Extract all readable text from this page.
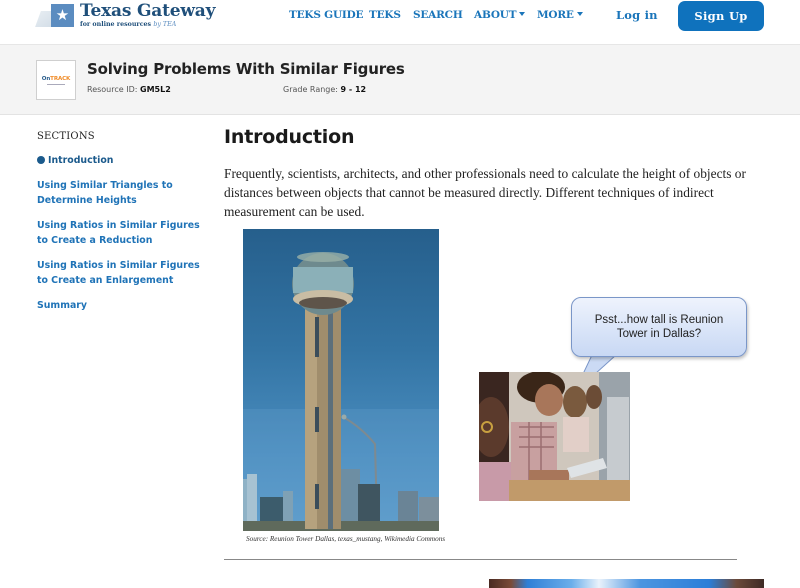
★ Texas Gateway
for online resources by TEA
TEKS GUIDE TEKS SEARCH ABOUT	MORE	Log in	Sign Up
OnTRACK
Solving Problems With Similar Figures
Resource ID: GM5L2	Grade Range: 9 - 12
SECTIONS
Introduction
Using Similar Triangles to Determine Heights
Using Ratios in Similar Figures to Create a Reduction
Using Ratios in Similar Figures to Create an Enlargement
Summary
Introduction

Frequently, scientists, architects, and other professionals need to calculate the height of objects or distances between objects that cannot be measured directly. Different techniques of indirect measurement can be used.

Source: Reunion Tower Dallas, texas_mustang, Wikimedia Commons
Psst...how tall is Reunion Tower in Dallas?
